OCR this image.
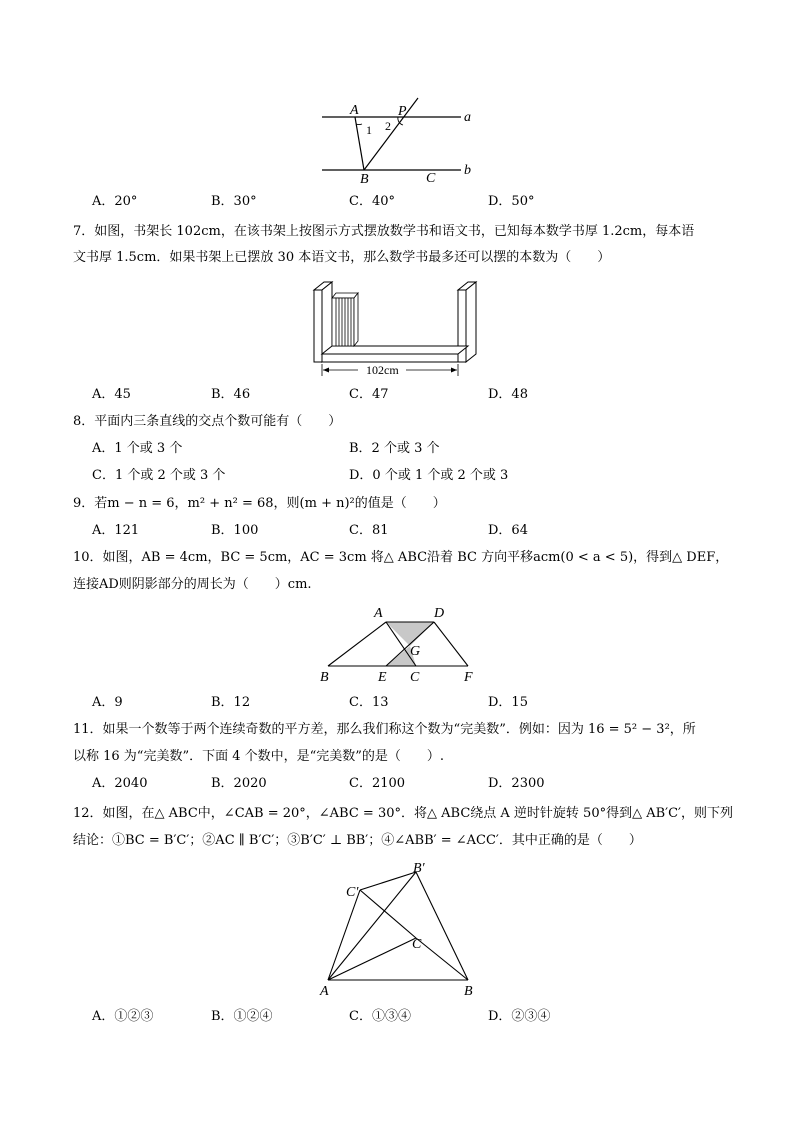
A	P	a
1 2
B	C
b
A．20°	B．30°	C．40°	D．50°
7．如图，书架长 102cm，在该书架上按图示方式摆放数学书和语文书，已知每本数学书厚 1.2cm，每本语
文书厚 1.5cm．如果书架上已摆放 30 本语文书，那么数学书最多还可以摆的本数为（　　）
102cm
A．45	B．46	C．47	D．48
8．平面内三条直线的交点个数可能有（　　）
A．1 个或 3 个	B．2 个或 3 个
C．1 个或 2 个或 3 个	D．0 个或 1 个或 2 个或 3
9．若m − n = 6，m² + n² = 68，则(m + n)²的值是（　　）
A．121	B．100	C．81	D．64
10．如图，AB = 4cm，BC = 5cm，AC = 3cm 将△ ABC沿着 BC 方向平移acm(0 < a < 5)，得到△ DEF，
连接AD则阴影部分的周长为（　　）cm.
A	D
G
B	E C	F
A．9	B．12	C．13	D．15
11．如果一个数等于两个连续奇数的平方差，那么我们称这个数为“完美数”．例如：因为 16 = 5² − 3²，所
以称 16 为“完美数”．下面 4 个数中，是“完美数”的是（　　）.
A．2040	B．2020	C．2100	D．2300
12．如图，在△ ABC中，∠CAB = 20°，∠ABC = 30°．将△ ABC绕点 A 逆时针旋转 50°得到△ AB′C′，则下列
结论：①BC = B′C′；②AC ∥ B′C′；③B′C′ ⊥ BB′；④∠ABB′ = ∠ACC′．其中正确的是（　　）
C′
B′
C
A	B
A．①②③	B．①②④	C．①③④	D．②③④
